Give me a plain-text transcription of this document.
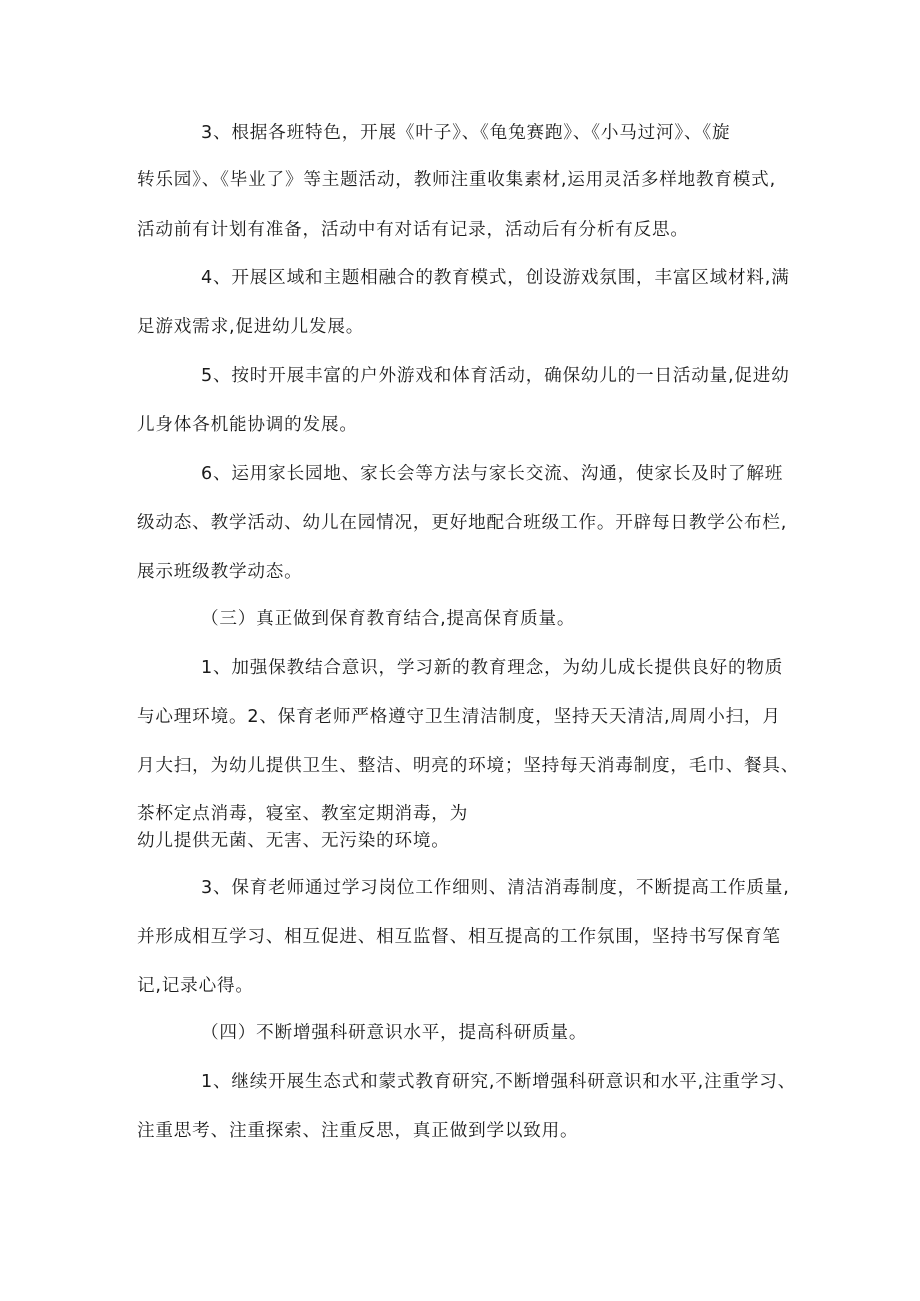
3、根据各班特色，开展《叶子》、《龟兔赛跑》、《小马过河》、《旋
转乐园》、《毕业了》等主题活动，教师注重收集素材,运用灵活多样地教育模式,
活动前有计划有准备，活动中有对话有记录，活动后有分析有反思。
4、开展区域和主题相融合的教育模式，创设游戏氛围，丰富区域材料,满
足游戏需求,促进幼儿发展。
5、按时开展丰富的户外游戏和体育活动，确保幼儿的一日活动量,促进幼
儿身体各机能协调的发展。
6、运用家长园地、家长会等方法与家长交流、沟通，使家长及时了解班
级动态、教学活动、幼儿在园情况，更好地配合班级工作。开辟每日教学公布栏,
展示班级教学动态。
（三）真正做到保育教育结合,提高保育质量。
1、加强保教结合意识，学习新的教育理念，为幼儿成长提供良好的物质
与心理环境。2、保育老师严格遵守卫生清洁制度，坚持天天清洁,周周小扫，月
月大扫，为幼儿提供卫生、整洁、明亮的环境；坚持每天消毒制度，毛巾、餐具、
茶杯定点消毒，寝室、教室定期消毒，为
幼儿提供无菌、无害、无污染的环境。
3、保育老师通过学习岗位工作细则、清洁消毒制度，不断提高工作质量,
并形成相互学习、相互促进、相互监督、相互提高的工作氛围，坚持书写保育笔
记,记录心得。
（四）不断增强科研意识水平，提高科研质量。
1、继续开展生态式和蒙式教育研究,不断增强科研意识和水平,注重学习、
注重思考、注重探索、注重反思，真正做到学以致用。
